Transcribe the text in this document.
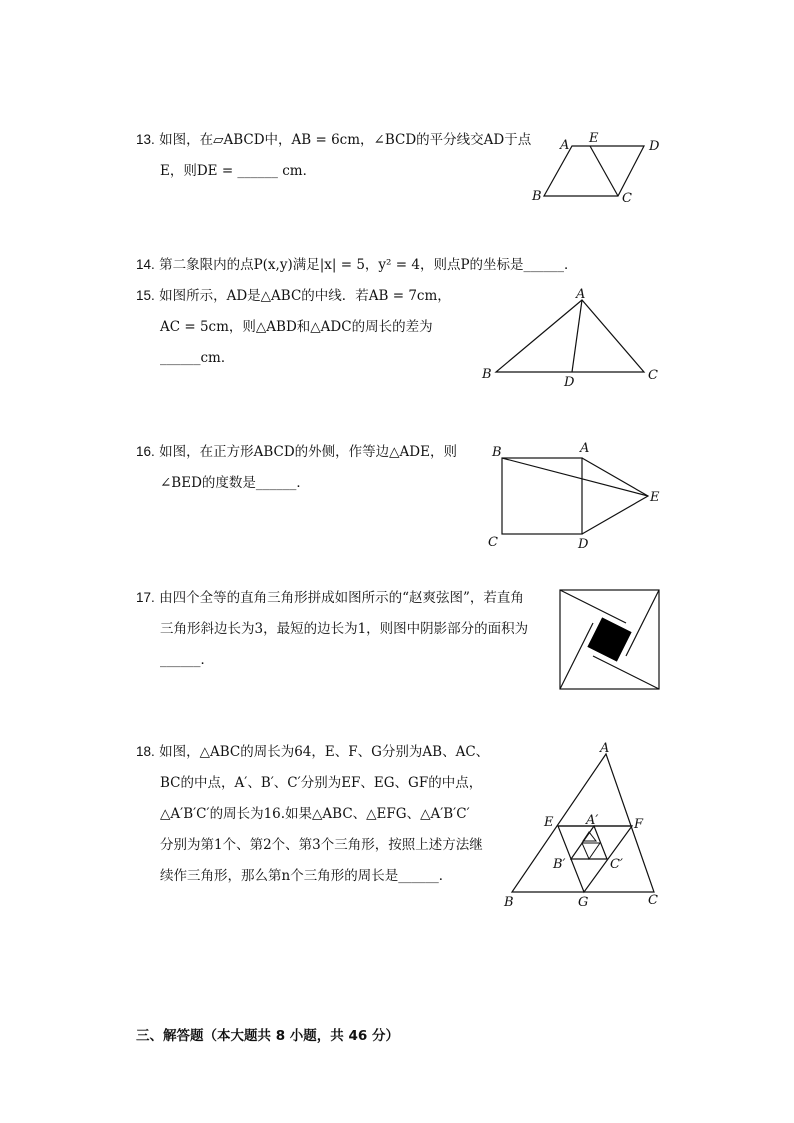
13. 如图，在▱ABCD中，AB = 6cm，∠BCD的平分线交AD于点
E，则DE = ______ cm．
A E
D
B	C
14. 第二象限内的点P(x,y)满足|x| = 5，y² = 4，则点P的坐标是______．
15. 如图所示，AD是△ABC的中线．若AB = 7cm，
AC = 5cm，则△ABD和△ADC的周长的差为
______cm．
A
B
D	C
16. 如图，在正方形ABCD的外侧，作等边△ADE，则
∠BED的度数是______．
B	A
E
C	D
17. 由四个全等的直角三角形拼成如图所示的“赵爽弦图”，若直角
三角形斜边长为3，最短的边长为1，则图中阴影部分的面积为
______．
18. 如图，△ABC的周长为64，E、F、G分别为AB、AC、
BC的中点，A′、B′、C′分别为EF、EG、GF的中点，
△A′B′C′的周长为16.如果△ABC、△EFG、△A′B′C′
分别为第1个、第2个、第3个三角形，按照上述方法继
续作三角形，那么第n个三角形的周长是______．
A
E	F
A′
B′	C′
B	G	C
三、解答题（本大题共 8 小题，共 46 分）
